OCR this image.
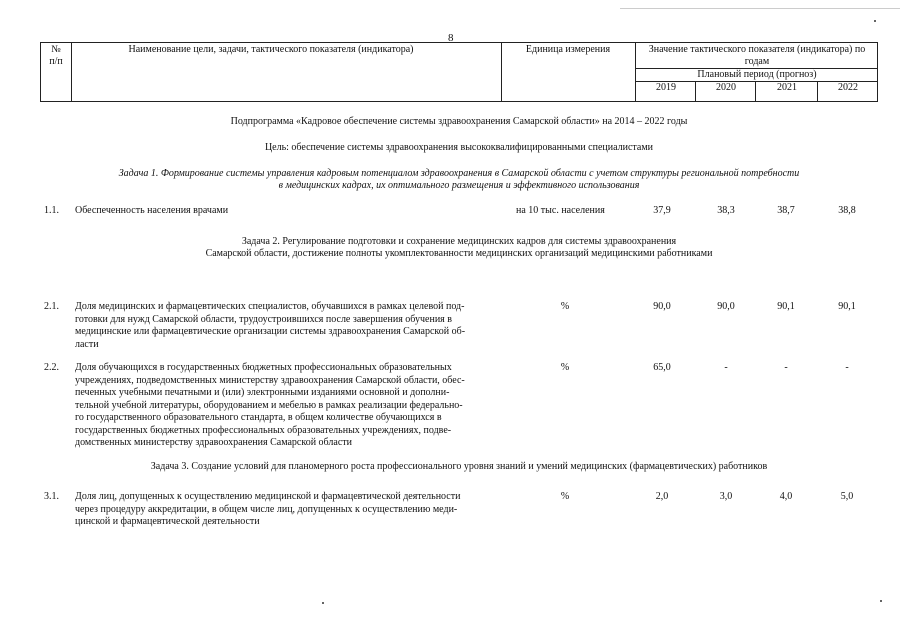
8
№
п/п
Наименование цели, задачи, тактического показателя (индикатора)	Единица измерения	Значение тактического показателя (индикатора) по годам
Плановый период (прогноз)
2019	2020	2021	2022
Подпрограмма «Кадровое обеспечение системы здравоохранения Самарской области» на 2014 – 2022 годы
Цель: обеспечение системы здравоохранения высококвалифицированными специалистами
Задача 1. Формирование системы управления кадровым потенциалом здравоохранения в Самарской области с учетом структуры региональной потребности
в медицинских кадрах, их оптимального размещения и эффективного использования
1.1. Обеспеченность населения врачами	на 10 тыс. населения	37,9	38,3	38,7	38,8
Задача 2. Регулирование подготовки и сохранение медицинских кадров для системы здравоохранения
Самарской области, достижение полноты укомплектованности медицинских организаций медицинскими работниками
2.1. Доля медицинских и фармацевтических специалистов, обучавшихся в рамках целевой под-
готовки для нужд Самарской области, трудоустроившихся после завершения обучения в
медицинские или фармацевтические организации системы здравоохранения Самарской об-
ласти
%	90,0	90,0	90,1	90,1
2.2. Доля обучающихся в государственных бюджетных профессиональных образовательных
учреждениях, подведомственных министерству здравоохранения Самарской области, обес-
печенных учебными печатными и (или) электронными изданиями основной и дополни-
тельной учебной литературы, оборудованием и мебелью в рамках реализации федерально-
го государственного образовательного стандарта, в общем количестве обучающихся в
государственных бюджетных профессиональных образовательных учреждениях, подве-
домственных министерству здравоохранения Самарской области
%	65,0	-	-	-
Задача 3. Создание условий для планомерного роста профессионального уровня знаний и умений медицинских (фармацевтических) работников
3.1. Доля лиц, допущенных к осуществлению медицинской и фармацевтической деятельности
через процедуру аккредитации, в общем числе лиц, допущенных к осуществлению меди-
цинской и фармацевтической деятельности
%	2,0	3,0	4,0	5,0
